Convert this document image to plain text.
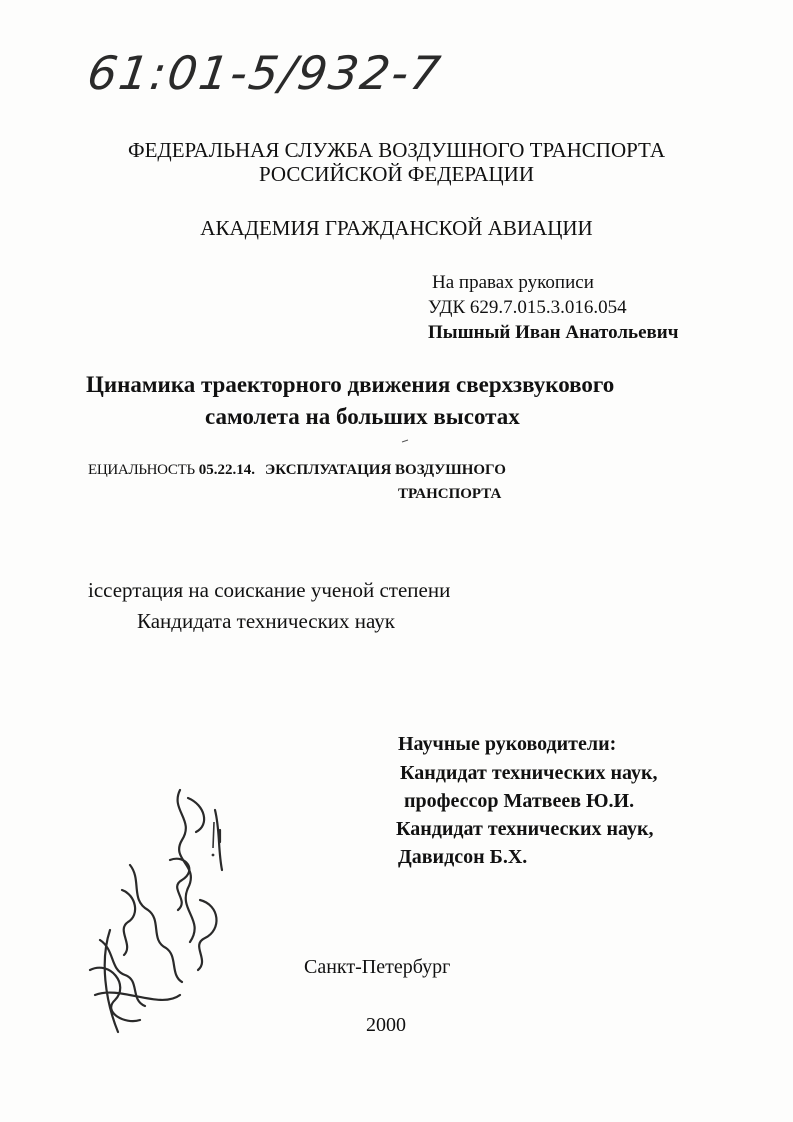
61:01-5/932-7
ФЕДЕРАЛЬНАЯ СЛУЖБА ВОЗДУШНОГО ТРАНСПОРТА
РОССИЙСКОЙ ФЕДЕРАЦИИ
АКАДЕМИЯ ГРАЖДАНСКОЙ АВИАЦИИ
На правах рукописи
УДК 629.7.015.3.016.054
Пышный Иван Анатольевич
Цинамика траекторного движения сверхзвукового
самолета на больших высотах
ЕЦИАЛЬНОСТЬ 05.22.14. ЭКСПЛУАТАЦИЯ ВОЗДУШНОГО
ТРАНСПОРТА
іссертация на соискание ученой степени
Кандидата технических наук
Научные руководители:
Кандидат технических наук,
профессор Матвеев Ю.И.
Кандидат технических наук,
Давидсон Б.Х.
Санкт-Петербург
2000
